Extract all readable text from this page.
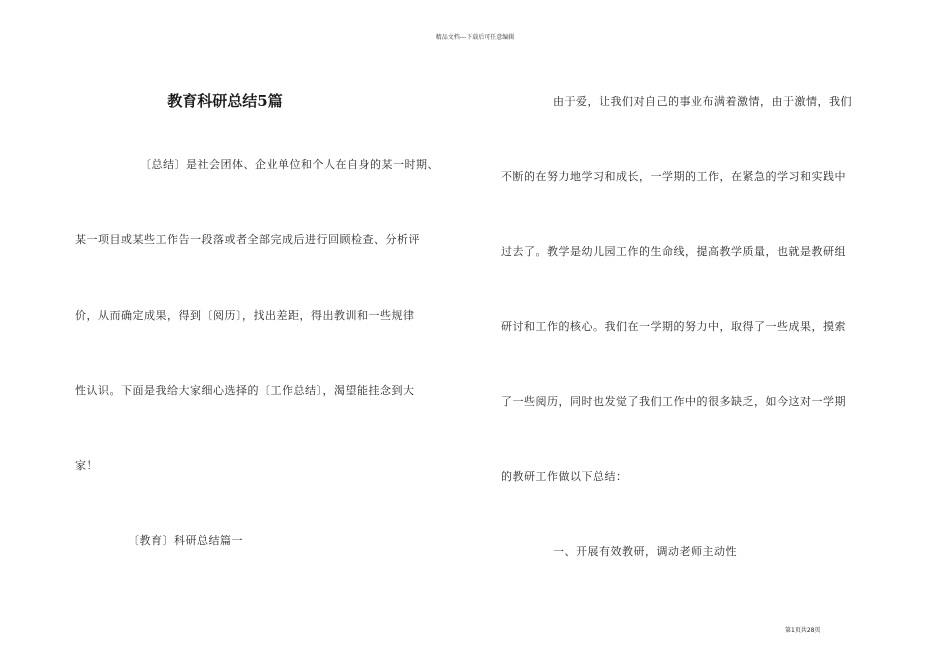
精品文档---下载后可任意编辑
教育科研总结5篇
〔总结〕是社会团体、企业单位和个人在自身的某一时期、
某一项目或某些工作告一段落或者全部完成后进行回顾检查、分析评
价，从而确定成果，得到〔阅历〕，找出差距，得出教训和一些规律
性认识。下面是我给大家细心选择的〔工作总结〕，渴望能挂念到大
家！
〔教育〕科研总结篇一
由于爱，让我们对自己的事业布满着激情，由于激情，我们
不断的在努力地学习和成长，一学期的工作，在紧急的学习和实践中
过去了。教学是幼儿园工作的生命线，提高教学质量，也就是教研组
研讨和工作的核心。我们在一学期的努力中，取得了一些成果，摸索
了一些阅历，同时也发觉了我们工作中的很多缺乏，如今这对一学期
的教研工作做以下总结：
一、开展有效教研，调动老师主动性
第1页共28页
